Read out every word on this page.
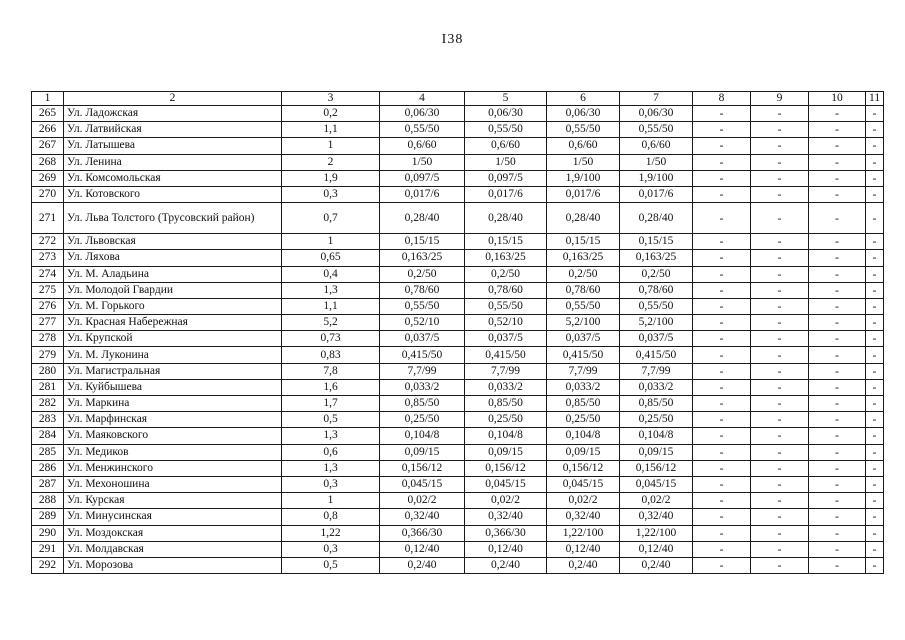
I38
1	2	3	4	5	6	7	8	9	10	11
265	Ул. Ладожская	0,2	0,06/30	0,06/30	0,06/30	0,06/30	-	-	-	-
266	Ул. Латвийская	1,1	0,55/50	0,55/50	0,55/50	0,55/50	-	-	-	-
267	Ул. Латышева	1	0,6/60	0,6/60	0,6/60	0,6/60	-	-	-	-
268	Ул. Ленина	2	1/50	1/50	1/50	1/50	-	-	-	-
269	Ул. Комсомольская	1,9	0,097/5	0,097/5	1,9/100	1,9/100	-	-	-	-
270	Ул. Котовского	0,3	0,017/6	0,017/6	0,017/6	0,017/6	-	-	-	-
271	Ул. Льва Толстого (Трусовский район)	0,7	0,28/40	0,28/40	0,28/40	0,28/40	-	-	-	-
272	Ул. Львовская	1	0,15/15	0,15/15	0,15/15	0,15/15	-	-	-	-
273	Ул. Ляхова	0,65	0,163/25	0,163/25	0,163/25	0,163/25	-	-	-	-
274	Ул. М. Аладьина	0,4	0,2/50	0,2/50	0,2/50	0,2/50	-	-	-	-
275	Ул. Молодой Гвардии	1,3	0,78/60	0,78/60	0,78/60	0,78/60	-	-	-	-
276	Ул. М. Горького	1,1	0,55/50	0,55/50	0,55/50	0,55/50	-	-	-	-
277	Ул. Красная Набережная	5,2	0,52/10	0,52/10	5,2/100	5,2/100	-	-	-	-
278	Ул. Крупской	0,73	0,037/5	0,037/5	0,037/5	0,037/5	-	-	-	-
279	Ул. М. Луконина	0,83	0,415/50	0,415/50	0,415/50	0,415/50	-	-	-	-
280	Ул. Магистральная	7,8	7,7/99	7,7/99	7,7/99	7,7/99	-	-	-	-
281	Ул. Куйбышева	1,6	0,033/2	0,033/2	0,033/2	0,033/2	-	-	-	-
282	Ул. Маркина	1,7	0,85/50	0,85/50	0,85/50	0,85/50	-	-	-	-
283	Ул. Марфинская	0,5	0,25/50	0,25/50	0,25/50	0,25/50	-	-	-	-
284	Ул. Маяковского	1,3	0,104/8	0,104/8	0,104/8	0,104/8	-	-	-	-
285	Ул. Медиков	0,6	0,09/15	0,09/15	0,09/15	0,09/15	-	-	-	-
286	Ул. Менжинского	1,3	0,156/12	0,156/12	0,156/12	0,156/12	-	-	-	-
287	Ул. Мехоношина	0,3	0,045/15	0,045/15	0,045/15	0,045/15	-	-	-	-
288	Ул. Курская	1	0,02/2	0,02/2	0,02/2	0,02/2	-	-	-	-
289	Ул. Минусинская	0,8	0,32/40	0,32/40	0,32/40	0,32/40	-	-	-	-
290	Ул. Моздокская	1,22	0,366/30	0,366/30	1,22/100	1,22/100	-	-	-	-
291	Ул. Молдавская	0,3	0,12/40	0,12/40	0,12/40	0,12/40	-	-	-	-
292	Ул. Морозова	0,5	0,2/40	0,2/40	0,2/40	0,2/40	-	-	-	-
